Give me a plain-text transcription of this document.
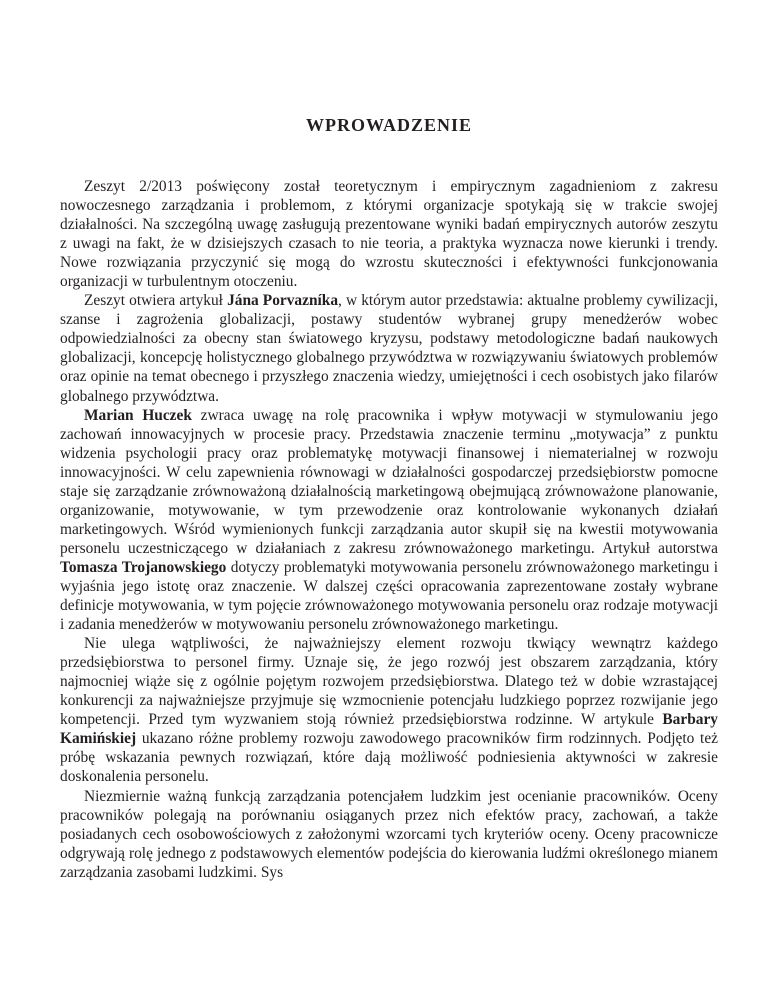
WPROWADZENIE

Zeszyt 2/2013 poświęcony został teoretycznym i empirycznym zagadnieniom z zakresu nowoczesnego zarządzania i problemom, z którymi organizacje spotykają się w trakcie swojej działalności. Na szczególną uwagę zasługują prezentowane wyniki badań empirycznych autorów zeszytu z uwagi na fakt, że w dzisiejszych czasach to nie teoria, a praktyka wyznacza nowe kierunki i trendy. Nowe rozwiązania przyczynić się mogą do wzrostu skuteczności i efektywności funkcjonowania organizacji w turbulentnym otoczeniu.

Zeszyt otwiera artykuł Jána Porvazníka, w którym autor przedstawia: aktualne problemy cywilizacji, szanse i zagrożenia globalizacji, postawy studentów wybranej grupy menedżerów wobec odpowiedzialności za obecny stan światowego kryzysu, podstawy metodologiczne badań naukowych globalizacji, koncepcję holistycznego globalnego przywództwa w rozwiązywaniu światowych problemów oraz opinie na temat obecnego i przyszłego znaczenia wiedzy, umiejętności i cech osobistych jako filarów globalnego przywództwa.

Marian Huczek zwraca uwagę na rolę pracownika i wpływ motywacji w stymulowaniu jego zachowań innowacyjnych w procesie pracy. Przedstawia znaczenie terminu „motywacja” z punktu widzenia psychologii pracy oraz problematykę motywacji finansowej i niematerialnej w rozwoju innowacyjności. W celu zapewnienia równowagi w działalności gospodarczej przedsiębiorstw pomocne staje się zarządzanie zrównoważoną działalnością marketingową obejmującą zrównoważone planowanie, organizowanie, motywowanie, w tym przewodzenie oraz kontrolowanie wykonanych działań marketingowych. Wśród wymienionych funkcji zarządzania autor skupił się na kwestii motywowania personelu uczestniczącego w działaniach z zakresu zrównoważonego marketingu. Artykuł autorstwa Tomasza Trojanowskiego dotyczy problematyki motywowania personelu zrównoważonego marketingu i wyjaśnia jego istotę oraz znaczenie. W dalszej części opracowania zaprezentowane zostały wybrane definicje motywowania, w tym pojęcie zrównoważonego motywowania personelu oraz rodzaje motywacji i zadania menedżerów w motywowaniu personelu zrównoważonego marketingu.

Nie ulega wątpliwości, że najważniejszy element rozwoju tkwiący wewnątrz każdego przedsiębiorstwa to personel firmy. Uznaje się, że jego rozwój jest obszarem zarządzania, który najmocniej wiąże się z ogólnie pojętym rozwojem przedsiębiorstwa. Dlatego też w dobie wzrastającej konkurencji za najważniejsze przyjmuje się wzmocnienie potencjału ludzkiego poprzez rozwijanie jego kompetencji. Przed tym wyzwaniem stoją również przedsiębiorstwa rodzinne. W artykule Barbary Kamińskiej ukazano różne problemy rozwoju zawodowego pracowników firm rodzinnych. Podjęto też próbę wskazania pewnych rozwiązań, które dają możliwość podniesienia aktywności w zakresie doskonalenia personelu.

Niezmiernie ważną funkcją zarządzania potencjałem ludzkim jest ocenianie pracowników. Oceny pracowników polegają na porównaniu osiąganych przez nich efektów pracy, zachowań, a także posiadanych cech osobowościowych z założonymi wzorcami tych kryteriów oceny. Oceny pracownicze odgrywają rolę jednego z podstawowych elementów podejścia do kierowania ludźmi określonego mianem zarządzania zasobami ludzkimi. Sys
